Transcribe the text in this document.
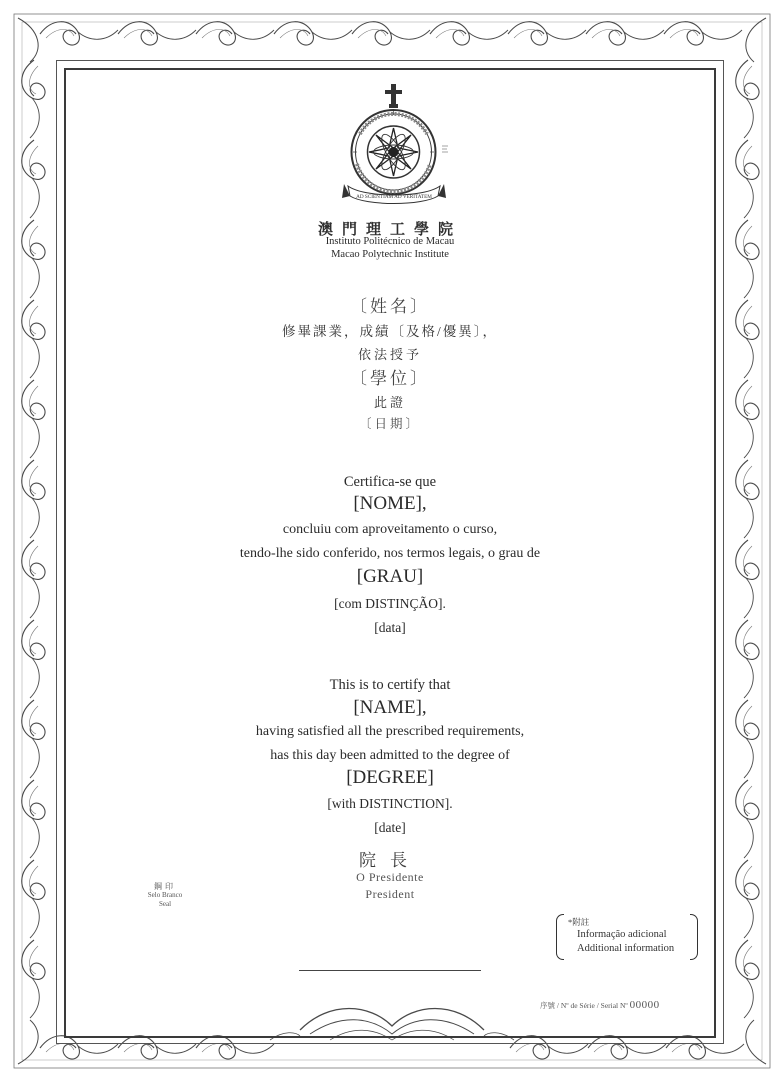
AD SCIENTIAM AD VERITATEM
澳門理工學院
Instituto Politécnico de Macau
Macao Polytechnic Institute
〔姓名〕
修畢課業，成績〔及格/優異〕，
依法授予
〔學位〕
此證
〔日期〕
Certifica-se que
[NOME],
concluiu com aproveitamento o curso,
tendo-lhe sido conferido, nos termos legais, o grau de
[GRAU]
[com DISTINÇÃO].
[data]
This is to certify that
[NAME],
having satisfied all the prescribed requirements,
has this day been admitted to the degree of
[DEGREE]
[with DISTINCTION].
[date]
院長
O Presidente
President
鋼印
Selo Branco
Seal
*附註
Informação adicional
Additional information
序號 / Nº de Série / Serial Nº 00000
